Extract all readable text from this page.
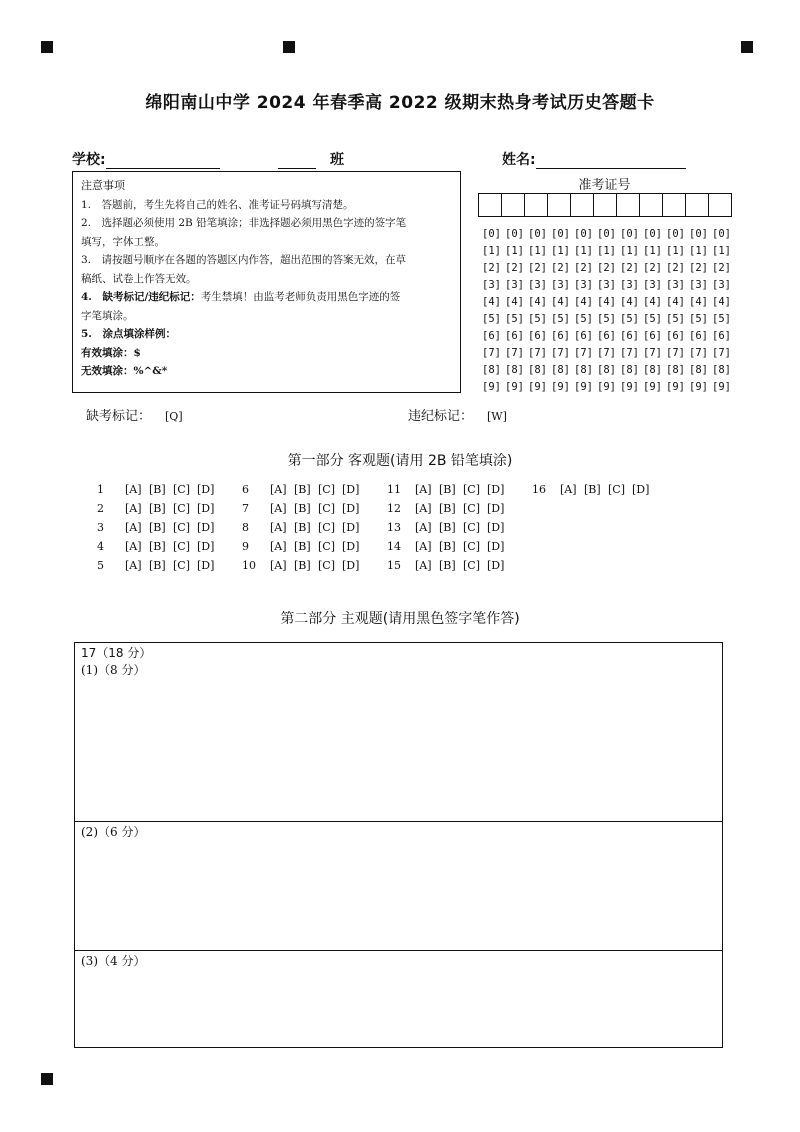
绵阳南山中学 2024 年春季高 2022 级期末热身考试历史答题卡
学校:	班	姓名:
注意事项
1.　答题前，考生先将自己的姓名、准考证号码填写清楚。
2.　选择题必须使用 2B 铅笔填涂；非选择题必须用黑色字迹的签字笔
填写，字体工整。
3.　请按题号顺序在各题的答题区内作答，超出范围的答案无效，在草
稿纸、试卷上作答无效。
4.　缺考标记/违纪标记：考生禁填！由监考老师负责用黑色字迹的签
字笔填涂。
5.　涂点填涂样例：
有效填涂：$
无效填涂：%^&*
准考证号
[0] [0] [0] [0] [0] [0] [0] [0] [0] [0] [0]
[1] [1] [1] [1] [1] [1] [1] [1] [1] [1] [1]
[2] [2] [2] [2] [2] [2] [2] [2] [2] [2] [2]
[3] [3] [3] [3] [3] [3] [3] [3] [3] [3] [3]
[4] [4] [4] [4] [4] [4] [4] [4] [4] [4] [4]
[5] [5] [5] [5] [5] [5] [5] [5] [5] [5] [5]
[6] [6] [6] [6] [6] [6] [6] [6] [6] [6] [6]
[7] [7] [7] [7] [7] [7] [7] [7] [7] [7] [7]
[8] [8] [8] [8] [8] [8] [8] [8] [8] [8] [8]
[9] [9] [9] [9] [9] [9] [9] [9] [9] [9] [9]
缺考标记： [Q]	违纪标记： [W]
第一部分 客观题(请用 2B 铅笔填涂)
1	[A] [B] [C] [D]
2	[A] [B] [C] [D]
3	[A] [B] [C] [D]
4	[A] [B] [C] [D]
5	[A] [B] [C] [D]
6	[A] [B] [C] [D]
7	[A] [B] [C] [D]
8	[A] [B] [C] [D]
9	[A] [B] [C] [D]
10	[A] [B] [C] [D]
11	[A] [B] [C] [D]
12	[A] [B] [C] [D]
13	[A] [B] [C] [D]
14	[A] [B] [C] [D]
15	[A] [B] [C] [D]
16	[A] [B] [C] [D]
第二部分 主观题(请用黑色签字笔作答)
17（18 分）
(1)（8 分）
(2)（6 分）
(3)（4 分）
